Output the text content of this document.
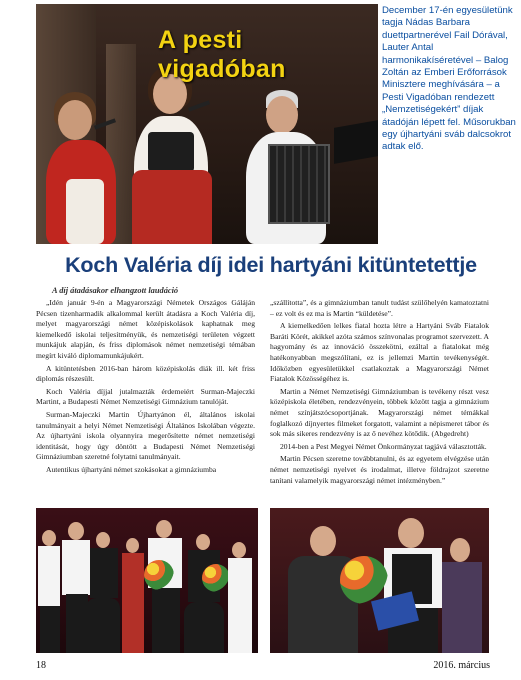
A pesti vigadóban
December 17-én egyesületünk tagja Nádas Barbara duettpartnerével Fail Dórával, Lauter Antal harmonikakíséretével – Balog Zoltán az Emberi Erőforrások Minisztere meghívására – a Pesti Vigadóban rendezett „Nemzetiségekért” díjak átadóján lépett fel. Műsorukban egy újhartyáni sváb dalcsokrot adtak elő.
Koch Valéria díj idei hartyáni kitüntetettje
A díj átadásakor elhangzott laudáció

„Idén január 9-én a Magyarországi Németek Országos Gáláján Pécsen tizenharmadik alkalommal került átadásra a Koch Valéria díj, melyet magyarországi német középiskolások kaphatnak meg kiemelkedő iskolai teljesítményük, és nemzetiségi területen végzett munkájuk alapján, és friss diplomások német nemzetiségi témában megírt kiváló diplomamunkájukért.

A kitüntetésben 2016-ban három középiskolás diák ill. két friss diplomás részesült.

Koch Valéria díjjal jutalmazták érdemeiért Surman-Majeczki Martint, a Budapesti Német Nemzetiségi Gimnázium tanulóját.

Surman-Majeczki Martin Újhartyánon él, általános iskolai tanulmányait a helyi Német Nemzetiségi Általános Iskolában végezte. Az újhartyáni iskola olyannyira megerősítette német nemzetiségi identitását, hogy úgy döntött a Budapesti Német Nemzetiségi Gimnáziumban szeretné folytatni tanulmányait.

Autentikus újhartyáni német szokásokat a gimnáziumba

„szállította”, és a gimnáziumban tanult tudást szülőhelyén kamatoztatni – ez volt és ez ma is Martin “küldetése”.

A kiemelkedően lelkes fiatal hozta létre a Hartyáni Sváb Fiatalok Baráti Körét, akikkel azóta számos színvonalas programot szervezett. A hagyomány és az innováció összekötni, ezáltal a fiatalokat még hatékonyabban megszólítani, ez is jellemzi Martin tevékenységét. Időközben egyesületükkel csatlakoztak a Magyarországi Német Fiatalok Közösségéhez is.

Martin a Német Nemzetiségi Gimnáziumban is tevékeny részt vesz középiskola életében, rendezvényein, többek között tagja a gimnázium német színjátszócsoportjának. Magyarországi német témákkal foglalkozó díjnyertes filmeket forgatott, valamint a népismeret tábor és sok más sikeres rendezvény is az ő nevéhez kötődik. (Abgedreht)

2014-ben a Pest Megyei Német Önkormányzat tagjává választották.

Martin Pécsen szeretne továbbtanulni, és az egyetem elvégzése után német nemzetiségi nyelvet és irodalmat, illetve földrajzot szeretne tanítani valamelyik magyarországi német intézményben.”

18	2016. március
